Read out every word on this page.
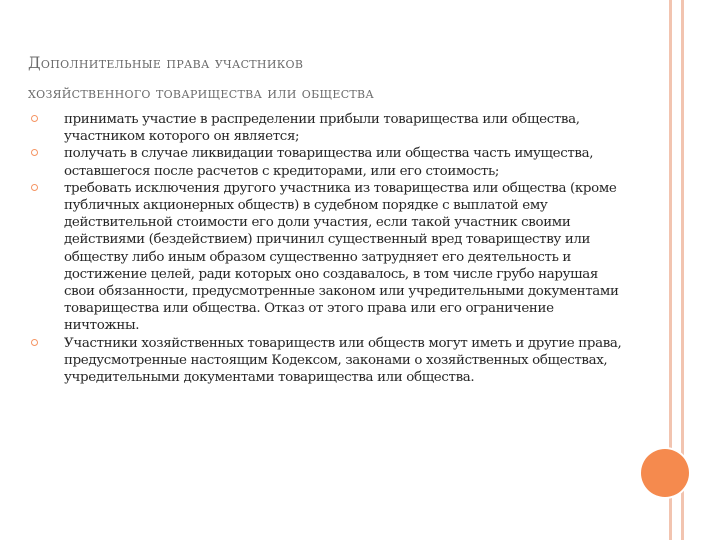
Дополнительные права участников
хозяйственного товарищества или общества
принимать участие в распределении прибыли товарищества или общества, участником которого он является;
получать в случае ликвидации товарищества или общества часть имущества, оставшегося после расчетов с кредиторами, или его стоимость;
требовать исключения другого участника из товарищества или общества (кроме публичных акционерных обществ) в судебном порядке с выплатой ему действительной стоимости его доли участия, если такой участник своими действиями (бездействием) причинил существенный вред товариществу или обществу либо иным образом существенно затрудняет его деятельность и достижение целей, ради которых оно создавалось, в том числе грубо нарушая свои обязанности, предусмотренные законом или учредительными документами товарищества или общества. Отказ от этого права или его ограничение ничтожны.
Участники хозяйственных товариществ или обществ могут иметь и другие права, предусмотренные настоящим Кодексом, законами о хозяйственных обществах, учредительными документами товарищества или общества.
